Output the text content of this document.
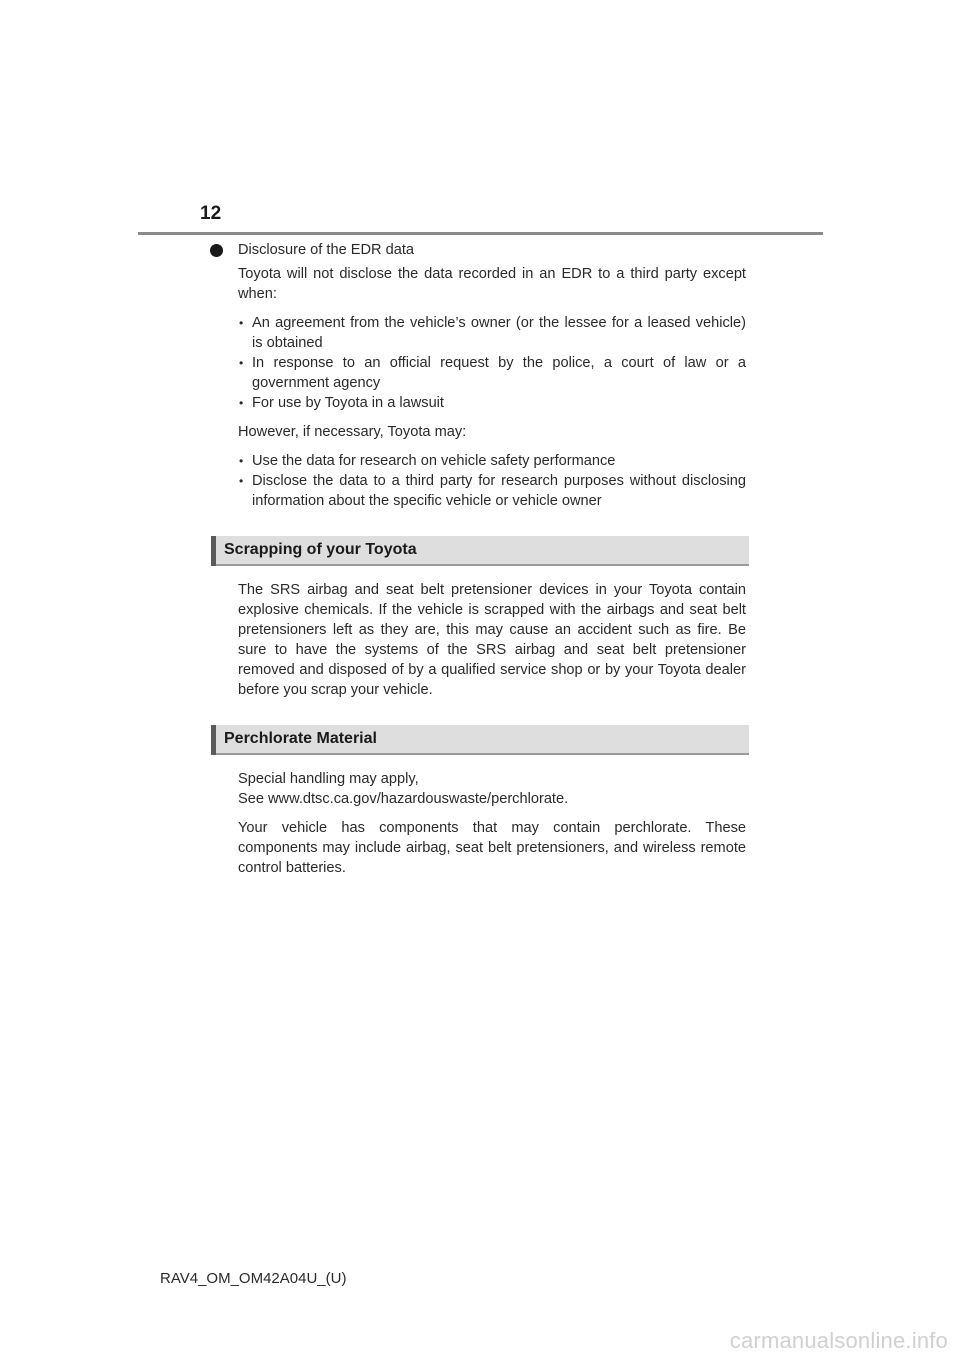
12
Disclosure of the EDR data

Toyota will not disclose the data recorded in an EDR to a third party except when:

• An agreement from the vehicle’s owner (or the lessee for a leased vehicle) is obtained
• In response to an official request by the police, a court of law or a government agency
• For use by Toyota in a lawsuit

However, if necessary, Toyota may:

• Use the data for research on vehicle safety performance
• Disclose the data to a third party for research purposes without disclosing information about the specific vehicle or vehicle owner
Scrapping of your Toyota

The SRS airbag and seat belt pretensioner devices in your Toyota contain explosive chemicals. If the vehicle is scrapped with the airbags and seat belt pretensioners left as they are, this may cause an accident such as fire. Be sure to have the systems of the SRS airbag and seat belt pretensioner removed and disposed of by a qualified service shop or by your Toyota dealer before you scrap your vehicle.

Perchlorate Material
Special handling may apply,

See www.dtsc.ca.gov/hazardouswaste/perchlorate.

Your vehicle has components that may contain perchlorate. These components may include airbag, seat belt pretensioners, and wireless remote control batteries.

RAV4_OM_OM42A04U_(U)
carmanualsonline.info
